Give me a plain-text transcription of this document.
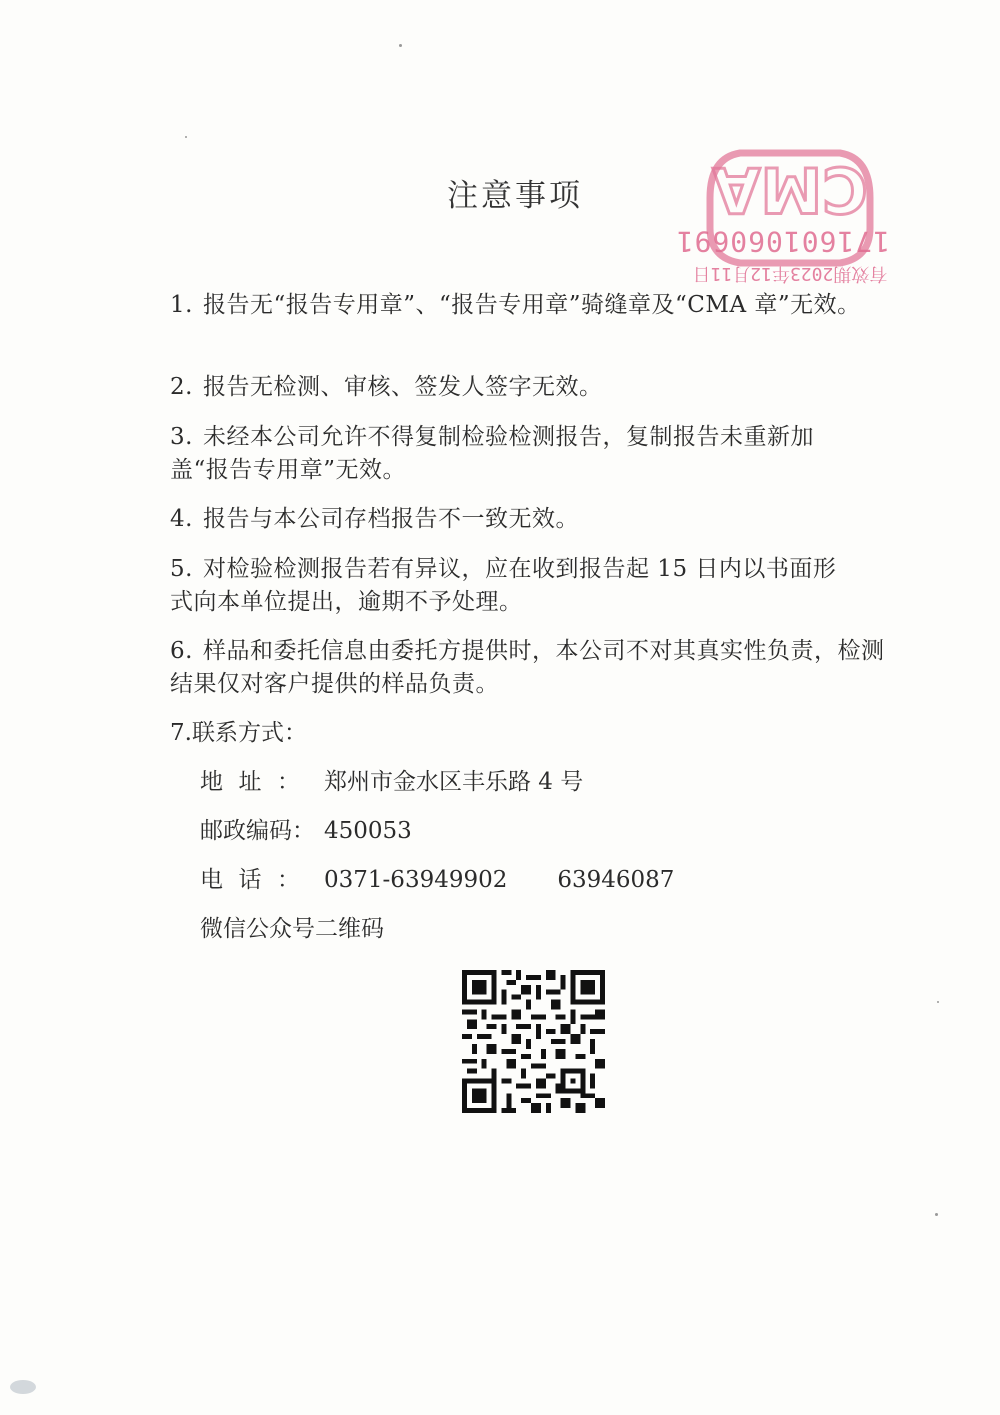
注意事项	CMA
171601060691
有效期2023年12月11日
1. 报告无“报告专用章”、“报告专用章”骑缝章及“CMA 章”无效。
2. 报告无检测、审核、签发人签字无效。
3. 未经本公司允许不得复制检验检测报告，复制报告未重新加盖“报告专用章”无效。
4. 报告与本公司存档报告不一致无效。
5. 对检验检测报告若有异议，应在收到报告起 15 日内以书面形式向本单位提出，逾期不予处理。
6. 样品和委托信息由委托方提供时，本公司不对其真实性负责，检测结果仅对客户提供的样品负责。
7.联系方式：
地址： 郑州市金水区丰乐路 4 号
邮政编码： 450053
电话： 0371-63949902 63946087
微信公众号二维码
